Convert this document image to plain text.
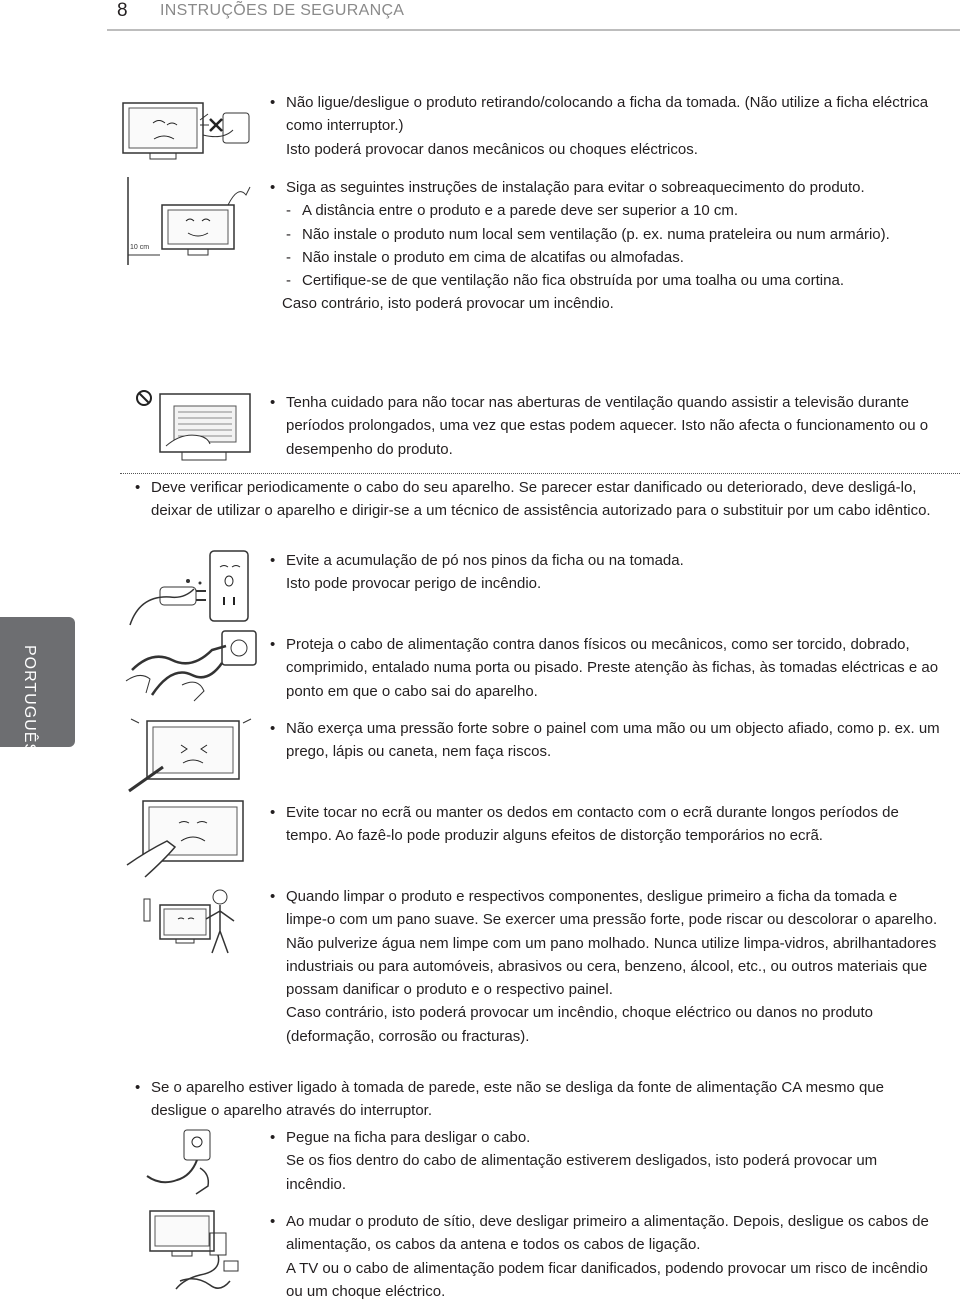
8 INSTRUÇÕES DE SEGURANÇA
PORTUGUÊS

• Não ligue/desligue o produto retirando/colocando a ficha da tomada. (Não utilize a ficha eléctrica como interruptor.)

Isto poderá provocar danos mecânicos ou choques eléctricos.

10 cm

• Siga as seguintes instruções de instalação para evitar o sobreaquecimento do produto.

- A distância entre o produto e a parede deve ser superior a 10 cm.

- Não instale o produto num local sem ventilação (p. ex. numa prateleira ou num armário).

- Não instale o produto em cima de alcatifas ou almofadas.

- Certifique-se de que ventilação não fica obstruída por uma toalha ou uma cortina.

Caso contrário, isto poderá provocar um incêndio.

• Tenha cuidado para não tocar nas aberturas de ventilação quando assistir a televisão durante períodos prolongados, uma vez que estas podem aquecer. Isto não afecta o funcionamento ou o desempenho do produto.

• Deve verificar periodicamente o cabo do seu aparelho. Se parecer estar danificado ou deteriorado, deve desligá-lo, deixar de utilizar o aparelho e dirigir-se a um técnico de assistência autorizado para o substituir por um cabo idêntico.

• Evite a acumulação de pó nos pinos da ficha ou na tomada.

Isto pode provocar perigo de incêndio.

• Proteja o cabo de alimentação contra danos físicos ou mecânicos, como ser torcido, dobrado, comprimido, entalado numa porta ou pisado. Preste atenção às fichas, às tomadas eléctricas e ao ponto em que o cabo sai do aparelho.

• Não exerça uma pressão forte sobre o painel com uma mão ou um objecto afiado, como p. ex. um prego, lápis ou caneta, nem faça riscos.

• Evite tocar no ecrã ou manter os dedos em contacto com o ecrã durante longos períodos de tempo. Ao fazê-lo pode produzir alguns efeitos de distorção temporários no ecrã.

• Quando limpar o produto e respectivos componentes, desligue primeiro a ficha da tomada e limpe-o com um pano suave. Se exercer uma pressão forte, pode riscar ou descolorar o aparelho. Não pulverize água nem limpe com um pano molhado. Nunca utilize limpa-vidros, abrilhantadores industriais ou para automóveis, abrasivos ou cera, benzeno, álcool, etc., ou outros materiais que possam danificar o produto e o respectivo painel.

Caso contrário, isto poderá provocar um incêndio, choque eléctrico ou danos no produto (deformação, corrosão ou fracturas).

• Se o aparelho estiver ligado à tomada de parede, este não se desliga da fonte de alimentação CA mesmo que desligue o aparelho através do interruptor.

• Pegue na ficha para desligar o cabo.

Se os fios dentro do cabo de alimentação estiverem desligados, isto poderá provocar um incêndio.

• Ao mudar o produto de sítio, deve desligar primeiro a alimentação. Depois, desligue os cabos de alimentação, os cabos da antena e todos os cabos de ligação.

A TV ou o cabo de alimentação podem ficar danificados, podendo provocar um risco de incêndio ou um choque eléctrico.
